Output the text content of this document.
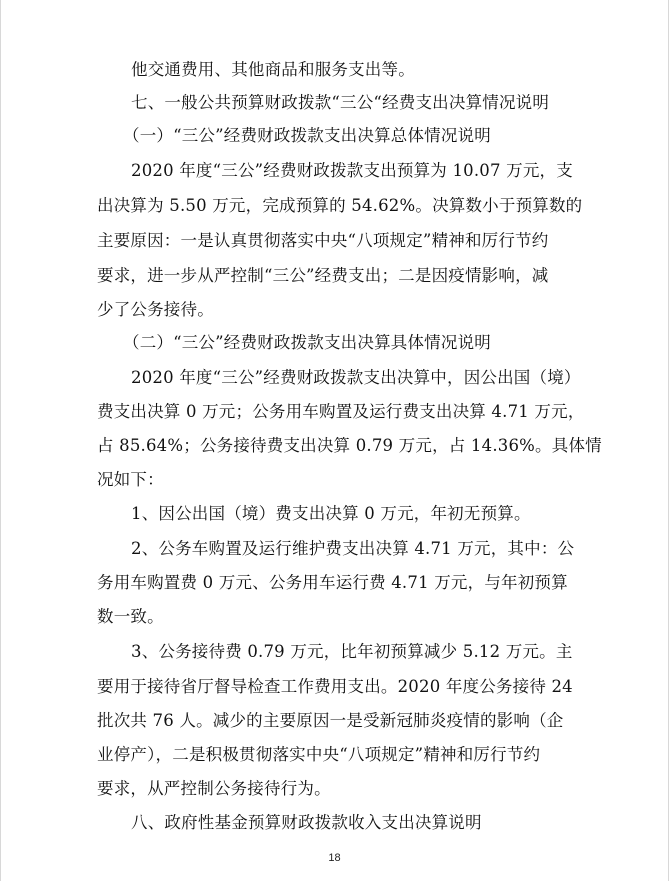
他交通费用、其他商品和服务支出等。
七、一般公共预算财政拨款“三公“经费支出决算情况说明
（一）“三公”经费财政拨款支出决算总体情况说明
2020 年度“三公”经费财政拨款支出预算为 10.07 万元，支
出决算为 5.50 万元，完成预算的 54.62%。决算数小于预算数的
主要原因：一是认真贯彻落实中央“八项规定”精神和厉行节约
要求，进一步从严控制“三公”经费支出；二是因疫情影响，减
少了公务接待。
（二）“三公”经费财政拨款支出决算具体情况说明
2020 年度“三公”经费财政拨款支出决算中，因公出国（境）
费支出决算 0 万元；公务用车购置及运行费支出决算 4.71 万元，
占 85.64%；公务接待费支出决算 0.79 万元，占 14.36%。具体情
况如下：
1、因公出国（境）费支出决算 0 万元，年初无预算。
2、公务车购置及运行维护费支出决算 4.71 万元，其中：公
务用车购置费 0 万元、公务用车运行费 4.71 万元，与年初预算
数一致。
3、公务接待费 0.79 万元，比年初预算减少 5.12 万元。主
要用于接待省厅督导检查工作费用支出。2020 年度公务接待 24
批次共 76 人。减少的主要原因一是受新冠肺炎疫情的影响（企
业停产），二是积极贯彻落实中央“八项规定”精神和厉行节约
要求，从严控制公务接待行为。
八、政府性基金预算财政拨款收入支出决算说明
18
